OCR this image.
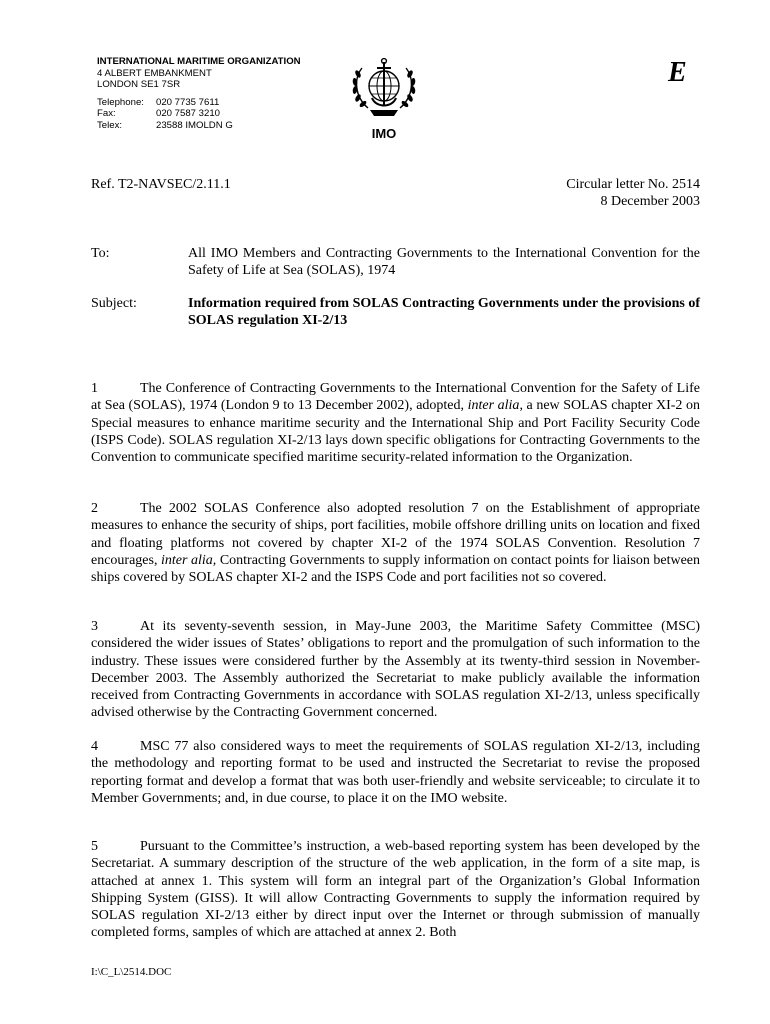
INTERNATIONAL MARITIME ORGANIZATION
4 ALBERT EMBANKMENT
LONDON SE1 7SR
Telephone:	020 7735 7611
Fax:	020 7587 3210
Telex:	23588 IMOLDN G
IMO
E
Ref. T2-NAVSEC/2.11.1	Circular letter No. 2514
8 December 2003
To:	All IMO Members and Contracting Governments to the International Convention for the Safety of Life at Sea (SOLAS), 1974
Subject:	Information required from SOLAS Contracting Governments under the provisions of SOLAS regulation XI-2/13
1	The Conference of Contracting Governments to the International Convention for the Safety of Life at Sea (SOLAS), 1974 (London 9 to 13 December 2002), adopted, inter alia, a new SOLAS chapter XI-2 on Special measures to enhance maritime security and the International Ship and Port Facility Security Code (ISPS Code). SOLAS regulation XI-2/13 lays down specific obligations for Contracting Governments to the Convention to communicate specified maritime security-related information to the Organization.
2	The 2002 SOLAS Conference also adopted resolution 7 on the Establishment of appropriate measures to enhance the security of ships, port facilities, mobile offshore drilling units on location and fixed and floating platforms not covered by chapter XI-2 of the 1974 SOLAS Convention. Resolution 7 encourages, inter alia, Contracting Governments to supply information on contact points for liaison between ships covered by SOLAS chapter XI-2 and the ISPS Code and port facilities not so covered.
3	At its seventy-seventh session, in May-June 2003, the Maritime Safety Committee (MSC) considered the wider issues of States’ obligations to report and the promulgation of such information to the industry. These issues were considered further by the Assembly at its twenty-third session in November-December 2003. The Assembly authorized the Secretariat to make publicly available the information received from Contracting Governments in accordance with SOLAS regulation XI-2/13, unless specifically advised otherwise by the Contracting Government concerned.
4	MSC 77 also considered ways to meet the requirements of SOLAS regulation XI-2/13, including the methodology and reporting format to be used and instructed the Secretariat to revise the proposed reporting format and develop a format that was both user-friendly and website serviceable; to circulate it to Member Governments; and, in due course, to place it on the IMO website.
5	Pursuant to the Committee’s instruction, a web-based reporting system has been developed by the Secretariat. A summary description of the structure of the web application, in the form of a site map, is attached at annex 1. This system will form an integral part of the Organization’s Global Information Shipping System (GISS). It will allow Contracting Governments to supply the information required by SOLAS regulation XI-2/13 either by direct input over the Internet or through submission of manually completed forms, samples of which are attached at annex 2. Both
I:\C_L\2514.DOC
